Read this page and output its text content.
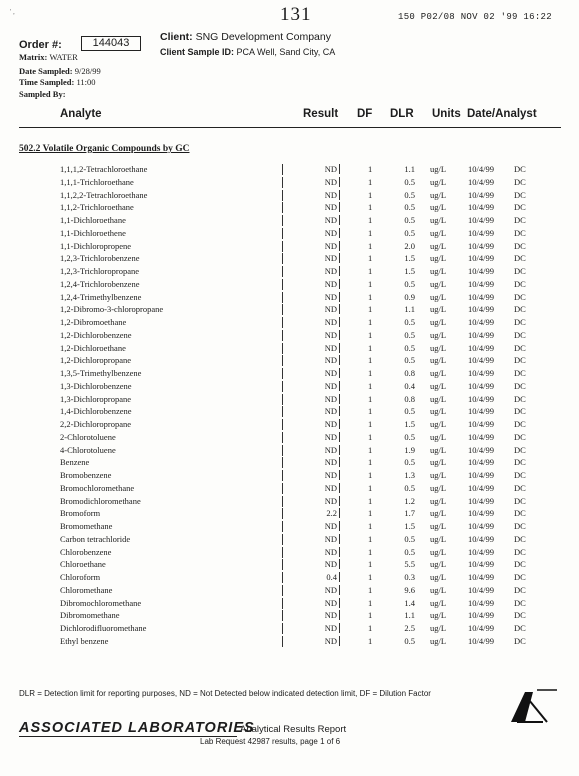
' ,	131	150 P02/08 NOV 02 '99 16:22
Order #:	144043
Matrix: WATER
Date Sampled: 9/28/99
Time Sampled: 11:00
Sampled By:
Client: SNG Development Company
Client Sample ID: PCA Well, Sand City, CA
Analyte	Result DF DLR Units Date/Analyst
502.2 Volatile Organic Compounds by GC
1,1,1,2-Tetrachloroethane	ND	1	1.1 ug/L	10/4/99 DC
1,1,1-Trichloroethane	ND	1	0.5 ug/L	10/4/99 DC
1,1,2,2-Tetrachloroethane	ND	1	0.5 ug/L	10/4/99 DC
1,1,2-Trichloroethane	ND	1	0.5 ug/L	10/4/99 DC
1,1-Dichloroethane	ND	1	0.5 ug/L	10/4/99 DC
1,1-Dichloroethene	ND	1	0.5 ug/L	10/4/99 DC
1,1-Dichloropropene	ND	1	2.0 ug/L	10/4/99 DC
1,2,3-Trichlorobenzene	ND	1	1.5 ug/L	10/4/99 DC
1,2,3-Trichloropropane	ND	1	1.5 ug/L	10/4/99 DC
1,2,4-Trichlorobenzene	ND	1	0.5 ug/L	10/4/99 DC
1,2,4-Trimethylbenzene	ND	1	0.9 ug/L	10/4/99 DC
1,2-Dibromo-3-chloropropane	ND	1	1.1 ug/L	10/4/99 DC
1,2-Dibromoethane	ND	1	0.5 ug/L	10/4/99 DC
1,2-Dichlorobenzene	ND	1	0.5 ug/L	10/4/99 DC
1,2-Dichloroethane	ND	1	0.5 ug/L	10/4/99 DC
1,2-Dichloropropane	ND	1	0.5 ug/L	10/4/99 DC
1,3,5-Trimethylbenzene	ND	1	0.8 ug/L	10/4/99 DC
1,3-Dichlorobenzene	ND	1	0.4 ug/L	10/4/99 DC
1,3-Dichloropropane	ND	1	0.8 ug/L	10/4/99 DC
1,4-Dichlorobenzene	ND	1	0.5 ug/L	10/4/99 DC
2,2-Dichloropropane	ND	1	1.5 ug/L	10/4/99 DC
2-Chlorotoluene	ND	1	0.5 ug/L	10/4/99 DC
4-Chlorotoluene	ND	1	1.9 ug/L	10/4/99 DC
Benzene	ND	1	0.5 ug/L	10/4/99 DC
Bromobenzene	ND	1	1.3 ug/L	10/4/99 DC
Bromochloromethane	ND	1	0.5 ug/L	10/4/99 DC
Bromodichloromethane	ND	1	1.2 ug/L	10/4/99 DC
Bromoform	2.2	1	1.7 ug/L	10/4/99 DC
Bromomethane	ND	1	1.5 ug/L	10/4/99 DC
Carbon tetrachloride	ND	1	0.5 ug/L	10/4/99 DC
Chlorobenzene	ND	1	0.5 ug/L	10/4/99 DC
Chloroethane	ND	1	5.5 ug/L	10/4/99 DC
Chloroform	0.4	1	0.3 ug/L	10/4/99 DC
Chloromethane	ND	1	9.6 ug/L	10/4/99 DC
Dibromochloromethane	ND	1	1.4 ug/L	10/4/99 DC
Dibromomethane	ND	1	1.1 ug/L	10/4/99 DC
Dichlorodifluoromethane	ND	1	2.5 ug/L	10/4/99 DC
Ethyl benzene	ND	1	0.5 ug/L	10/4/99 DC
DLR = Detection limit for reporting purposes, ND = Not Detected below indicated detection limit, DF = Dilution Factor
ASSOCIATED LABORATORIES
Analytical Results Report
Lab Request 42987 results, page 1 of 6
